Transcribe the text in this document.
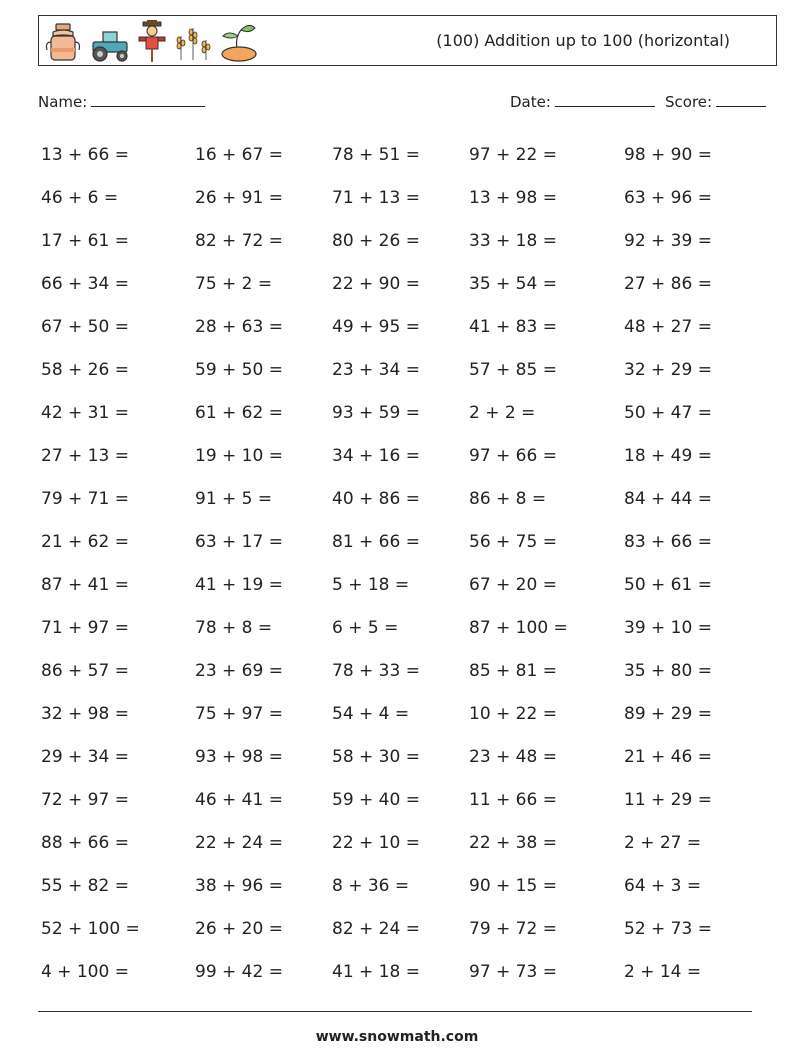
(100) Addition up to 100 (horizontal)
Name:	Date:	Score:
13 + 66 =
46 + 6 =
17 + 61 =
66 + 34 =
67 + 50 =
58 + 26 =
42 + 31 =
27 + 13 =
79 + 71 =
21 + 62 =
87 + 41 =
71 + 97 =
86 + 57 =
32 + 98 =
29 + 34 =
72 + 97 =
88 + 66 =
55 + 82 =
52 + 100 =
4 + 100 =
16 + 67 =
26 + 91 =
82 + 72 =
75 + 2 =
28 + 63 =
59 + 50 =
61 + 62 =
19 + 10 =
91 + 5 =
63 + 17 =
41 + 19 =
78 + 8 =
23 + 69 =
75 + 97 =
93 + 98 =
46 + 41 =
22 + 24 =
38 + 96 =
26 + 20 =
99 + 42 =
78 + 51 =
71 + 13 =
80 + 26 =
22 + 90 =
49 + 95 =
23 + 34 =
93 + 59 =
34 + 16 =
40 + 86 =
81 + 66 =
5 + 18 =
6 + 5 =
78 + 33 =
54 + 4 =
58 + 30 =
59 + 40 =
22 + 10 =
8 + 36 =
82 + 24 =
41 + 18 =
97 + 22 =
13 + 98 =
33 + 18 =
35 + 54 =
41 + 83 =
57 + 85 =
2 + 2 =
97 + 66 =
86 + 8 =
56 + 75 =
67 + 20 =
87 + 100 =
85 + 81 =
10 + 22 =
23 + 48 =
11 + 66 =
22 + 38 =
90 + 15 =
79 + 72 =
97 + 73 =
98 + 90 =
63 + 96 =
92 + 39 =
27 + 86 =
48 + 27 =
32 + 29 =
50 + 47 =
18 + 49 =
84 + 44 =
83 + 66 =
50 + 61 =
39 + 10 =
35 + 80 =
89 + 29 =
21 + 46 =
11 + 29 =
2 + 27 =
64 + 3 =
52 + 73 =
2 + 14 =
www.snowmath.com
